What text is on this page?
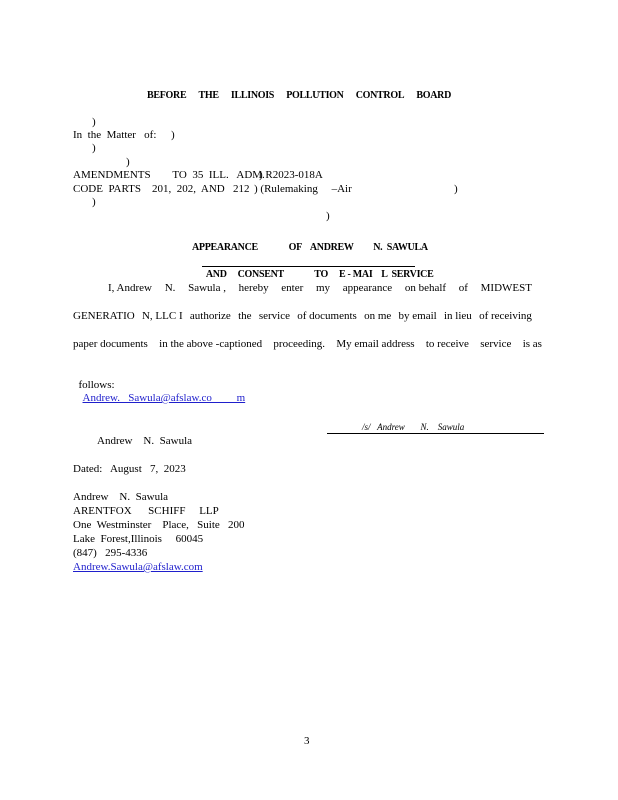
BEFORE THE ILLINOIS POLLUTION CONTROL BOARD
)
In  the  Matter   of: )
)
)
AMENDMENTS        TO  35  ILL.   ADM.
) R2023-018A
CODE  PARTS    201,  202,  AND   212 ) (Rulemaking     –Air	)
)
)
APPEARANCE              OF    ANDREW         N.  SAWULA

AND     CONSENT              TO     E - MAI    L  SERVICE

I, Andrew N. Sawula , hereby enter my appearance on behalf of MIDWEST
GENERATIO N, LLC I authorize the service of documents on me by email in lieu of receiving
paper documents in the above -captioned proceeding. My email address to receive service is as

follows:
Andrew.   Sawula@afslaw.co         m

/s/   Andrew       N.    Sawula
Andrew    N.  Sawula
Dated:   August   7,  2023
Andrew    N.  Sawula
ARENTFOX      SCHIFF     LLP
One  Westminster    Place,   Suite   200
Lake  Forest,Illinois     60045
(847)   295-4336
Andrew.Sawula@afslaw.com
3
